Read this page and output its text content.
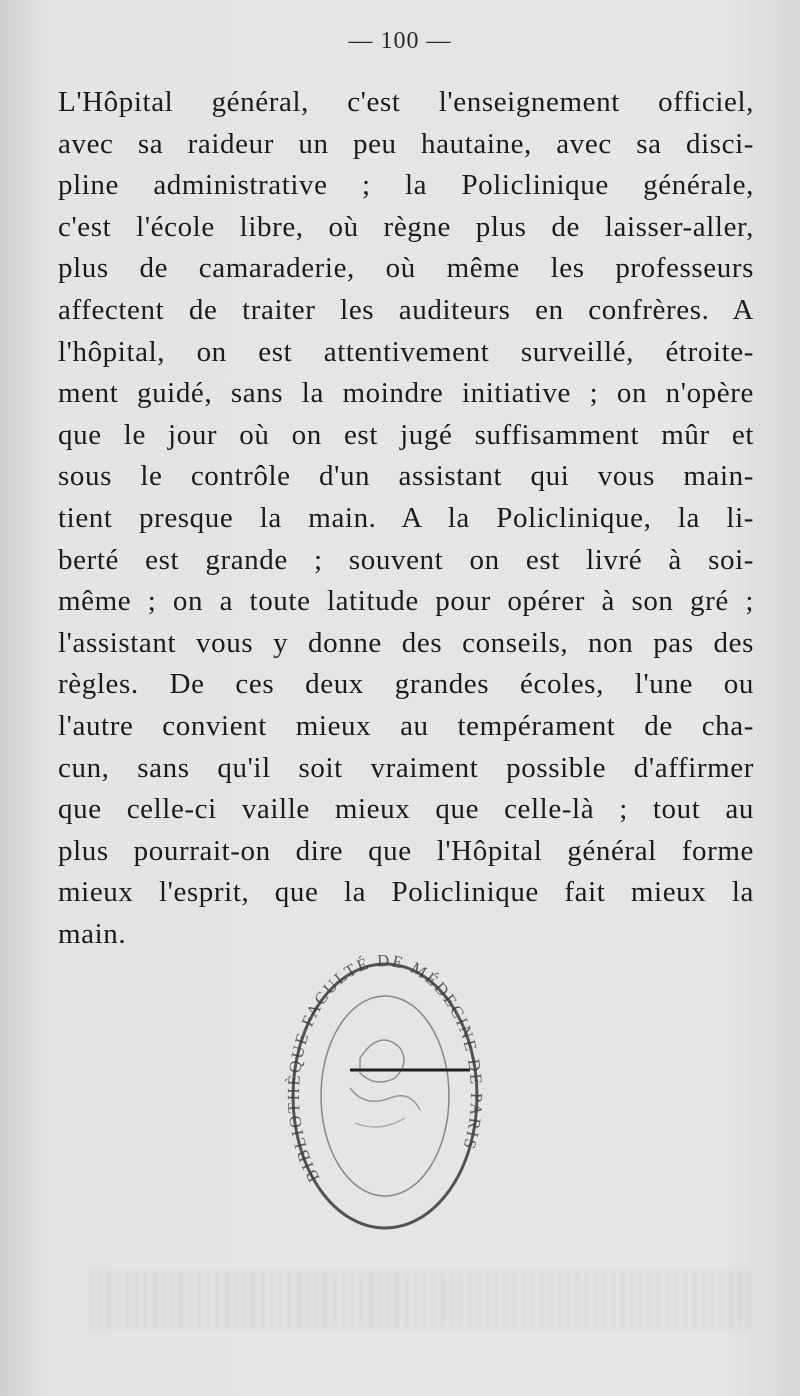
— 100 —
L'Hôpital général, c'est l'enseignement officiel,
avec sa raideur un peu hautaine, avec sa disci-
pline administrative ; la Policlinique générale,
c'est l'école libre, où règne plus de laisser-aller,
plus de camaraderie, où même les professeurs
affectent de traiter les auditeurs en confrères. A
l'hôpital, on est attentivement surveillé, étroite-
ment guidé, sans la moindre initiative ; on n'opère
que le jour où on est jugé suffisamment mûr et
sous le contrôle d'un assistant qui vous main-
tient presque la main. A la Policlinique, la li-
berté est grande ; souvent on est livré à soi-
même ; on a toute latitude pour opérer à son gré ;
l'assistant vous y donne des conseils, non pas des
règles. De ces deux grandes écoles, l'une ou
l'autre convient mieux au tempérament de cha-
cun, sans qu'il soit vraiment possible d'affirmer
que celle-ci vaille mieux que celle-là ; tout au
plus pourrait-on dire que l'Hôpital général forme
mieux l'esprit, que la Policlinique fait mieux la
main.
BIBLIOTHÈQUE FACULTÉ DE MÉDECINE DE PARIS
